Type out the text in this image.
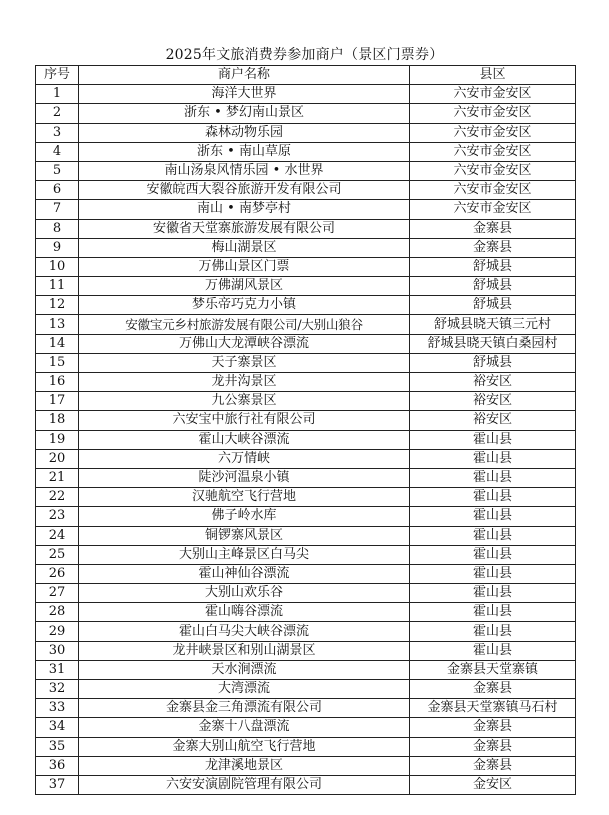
2025年文旅消费券参加商户（景区门票券）
序号	商户名称	县区
1	海洋大世界	六安市金安区
2	浙东 • 梦幻南山景区	六安市金安区
3	森林动物乐园	六安市金安区
4	浙东 • 南山草原	六安市金安区
5	南山汤泉风情乐园 • 水世界	六安市金安区
6	安徽皖西大裂谷旅游开发有限公司	六安市金安区
7	南山 • 南梦亭村	六安市金安区
8	安徽省天堂寨旅游发展有限公司	金寨县
9	梅山湖景区	金寨县
10	万佛山景区门票	舒城县
11	万佛湖风景区	舒城县
12	梦乐帝巧克力小镇	舒城县
13	安徽宝元乡村旅游发展有限公司/大别山狼谷	舒城县晓天镇三元村
14	万佛山大龙潭峡谷漂流	舒城县晓天镇白桑园村
15	天子寨景区	舒城县
16	龙井沟景区	裕安区
17	九公寨景区	裕安区
18	六安宝中旅行社有限公司	裕安区
19	霍山大峡谷漂流	霍山县
20	六万情峡	霍山县
21	陡沙河温泉小镇	霍山县
22	汉驰航空飞行营地	霍山县
23	佛子岭水库	霍山县
24	铜锣寨风景区	霍山县
25	大别山主峰景区白马尖	霍山县
26	霍山神仙谷漂流	霍山县
27	大别山欢乐谷	霍山县
28	霍山嗨谷漂流	霍山县
29	霍山白马尖大峡谷漂流	霍山县
30	龙井峡景区和别山湖景区	霍山县
31	天水涧漂流	金寨县天堂寨镇
32	大湾漂流	金寨县
33	金寨县金三角漂流有限公司	金寨县天堂寨镇马石村
34	金寨十八盘漂流	金寨县
35	金寨大别山航空飞行营地	金寨县
36	龙津溪地景区	金寨县
37	六安安演剧院管理有限公司	金安区
